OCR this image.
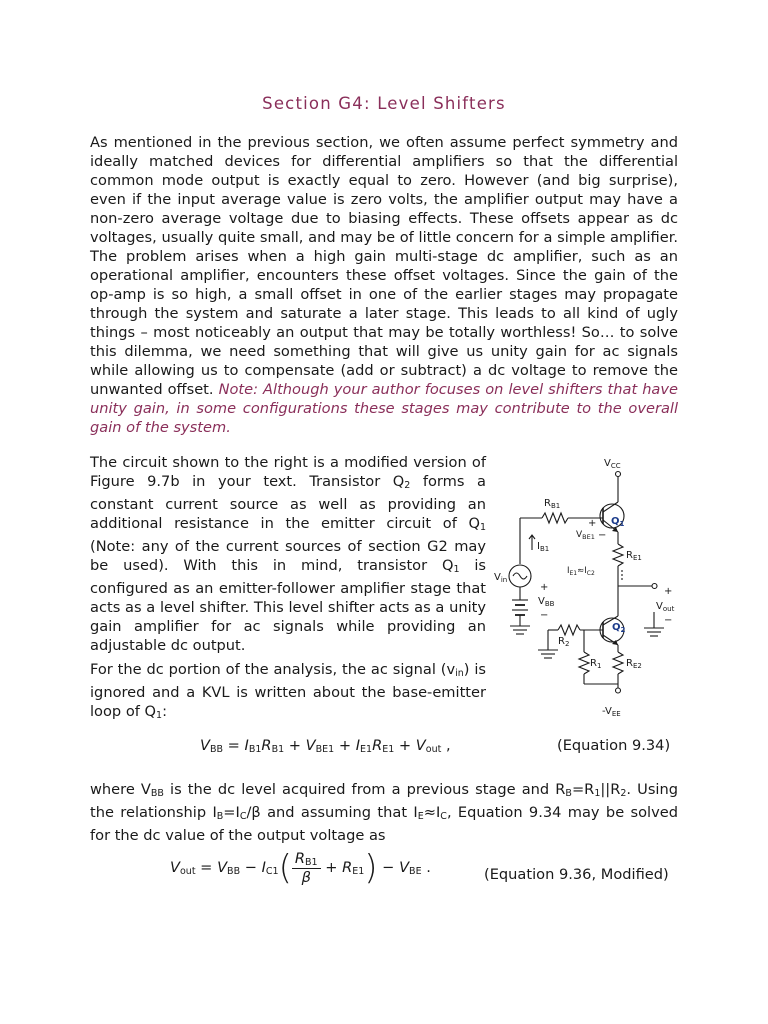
Section G4: Level Shifters

As mentioned in the previous section, we often assume perfect symmetry and ideally matched devices for differential amplifiers so that the differential common mode output is exactly equal to zero. However (and big surprise), even if the input average value is zero volts, the amplifier output may have a non-zero average voltage due to biasing effects. These offsets appear as dc voltages, usually quite small, and may be of little concern for a simple amplifier. The problem arises when a high gain multi-stage dc amplifier, such as an operational amplifier, encounters these offset voltages. Since the gain of the op-amp is so high, a small offset in one of the earlier stages may propagate through the system and saturate a later stage. This leads to all kind of ugly things – most noticeably an output that may be totally worthless! So… to solve this dilemma, we need something that will give us unity gain for ac signals while allowing us to compensate (add or subtract) a dc voltage to remove the unwanted offset. Note: Although your author focuses on level shifters that have unity gain, in some configurations these stages may contribute to the overall gain of the system.

The circuit shown to the right is a modified version of Figure 9.7b in your text. Transistor $Q_2$ forms a constant current source as well as providing an additional resistance in the emitter circuit of $Q_1$ (Note: any of the current sources of section G2 may be used). With this in mind, transistor $Q_1$ is configured as an emitter-follower amplifier stage that acts as a level shifter. This level shifter acts as a unity gain amplifier for ac signals while providing an adjustable dc output.

For the dc portion of the analysis, the ac signal $(v_{in})$ is ignored and a KVL is written about the base-emitter loop of $Q_1$:

$V_{BB} = I_{B1}R_{B1} + V_{BE1} + I_{E1}R_{E1} + V_{out}$ ,	(Equation 9.34)

where $V_{BB}$ is the dc level acquired from a previous stage and $R_B=R_1||R_2$. Using the relationship $I_B=I_C/\beta$ and assuming that $I_E\approx I_C$, Equation 9.34 may be solved for the dc value of the output voltage as

$V_{out} = V_{BB} - I_{C1}( \frac{R_{B1}}{\beta} + R_{E1}) - V_{BE}$ .	(Equation 9.36, Modified)
$V_{CC}$
$R_{B1}$
$Q_1$
+
−
$V_{BE1}$
$I_{B1}$
$I_{E1}\approx I_{C2}$
$R_{E1}$
$V_{in}$
+
$V_{BB}$
−
+
$V_{out}$
−
$Q_2$
$R_2$
$R_1$ $R_{E2}$
$-V_{EE}$
